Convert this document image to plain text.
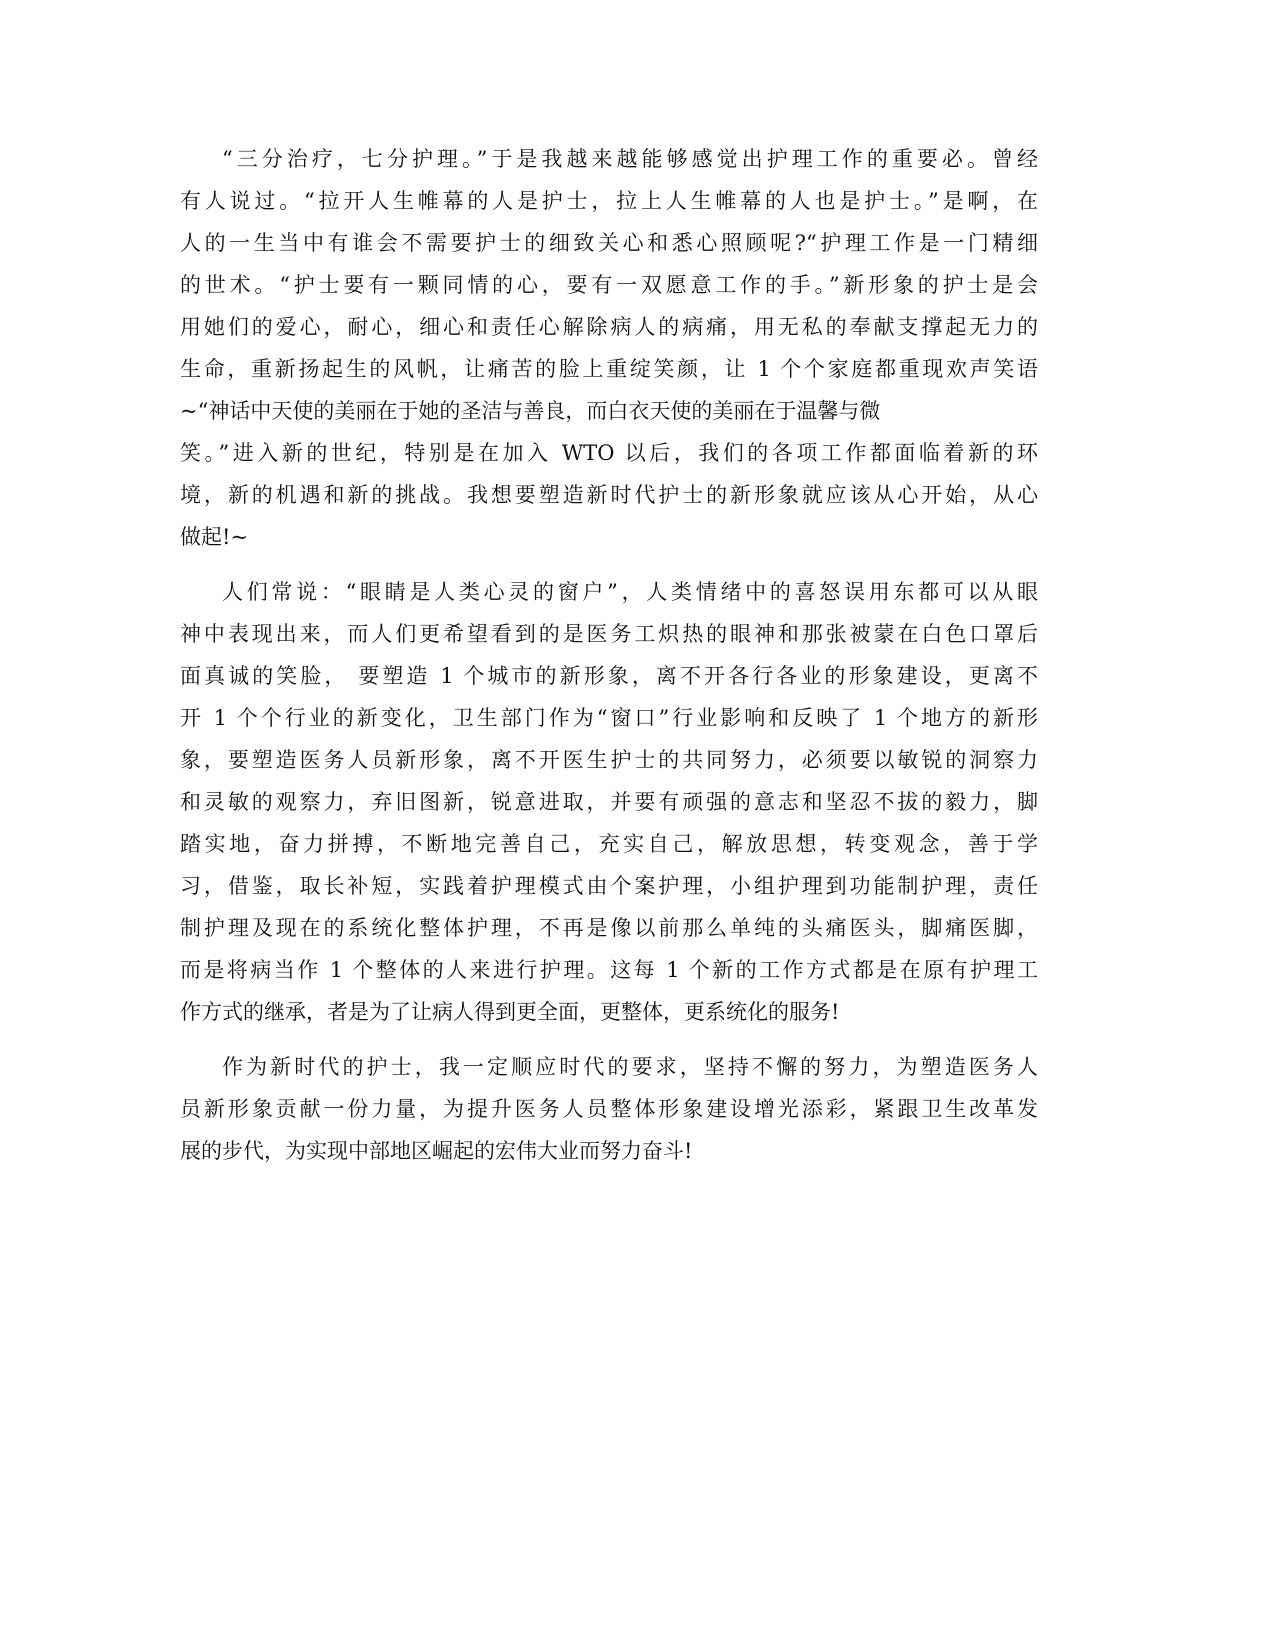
“三分治疗，七分护理。”于是我越来越能够感觉出护理工作的重要必。曾经
有人说过。“拉开人生帷幕的人是护士，拉上人生帷幕的人也是护士。”是啊，在
人的一生当中有谁会不需要护士的细致关心和悉心照顾呢?“护理工作是一门精细
的世术。“护士要有一颗同情的心，要有一双愿意工作的手。”新形象的护士是会
用她们的爱心，耐心，细心和责任心解除病人的病痛，用无私的奉献支撑起无力的
生命，重新扬起生的风帆，让痛苦的脸上重绽笑颜，让 1 个个家庭都重现欢声笑语
~“神话中天使的美丽在于她的圣洁与善良，而白衣天使的美丽在于温馨与微
笑。”进入新的世纪，特别是在加入 WTO 以后，我们的各项工作都面临着新的环
境，新的机遇和新的挑战。我想要塑造新时代护士的新形象就应该从心开始，从心
做起!~

人们常说：“眼睛是人类心灵的窗户”，人类情绪中的喜怒误用东都可以从眼
神中表现出来，而人们更希望看到的是医务工炽热的眼神和那张被蒙在白色口罩后
面真诚的笑脸， 要塑造 1 个城市的新形象，离不开各行各业的形象建设，更离不
开 1 个个行业的新变化，卫生部门作为“窗口”行业影响和反映了 1 个地方的新形
象，要塑造医务人员新形象，离不开医生护士的共同努力，必须要以敏锐的洞察力
和灵敏的观察力，弃旧图新，锐意进取，并要有顽强的意志和坚忍不拔的毅力，脚
踏实地，奋力拼搏，不断地完善自己，充实自己，解放思想，转变观念，善于学
习，借鉴，取长补短，实践着护理模式由个案护理，小组护理到功能制护理，责任
制护理及现在的系统化整体护理，不再是像以前那么单纯的头痛医头，脚痛医脚，
而是将病当作 1 个整体的人来进行护理。这每 1 个新的工作方式都是在原有护理工
作方式的继承，者是为了让病人得到更全面，更整体，更系统化的服务!

作为新时代的护士，我一定顺应时代的要求，坚持不懈的努力，为塑造医务人
员新形象贡献一份力量，为提升医务人员整体形象建设增光添彩，紧跟卫生改革发
展的步代，为实现中部地区崛起的宏伟大业而努力奋斗!
